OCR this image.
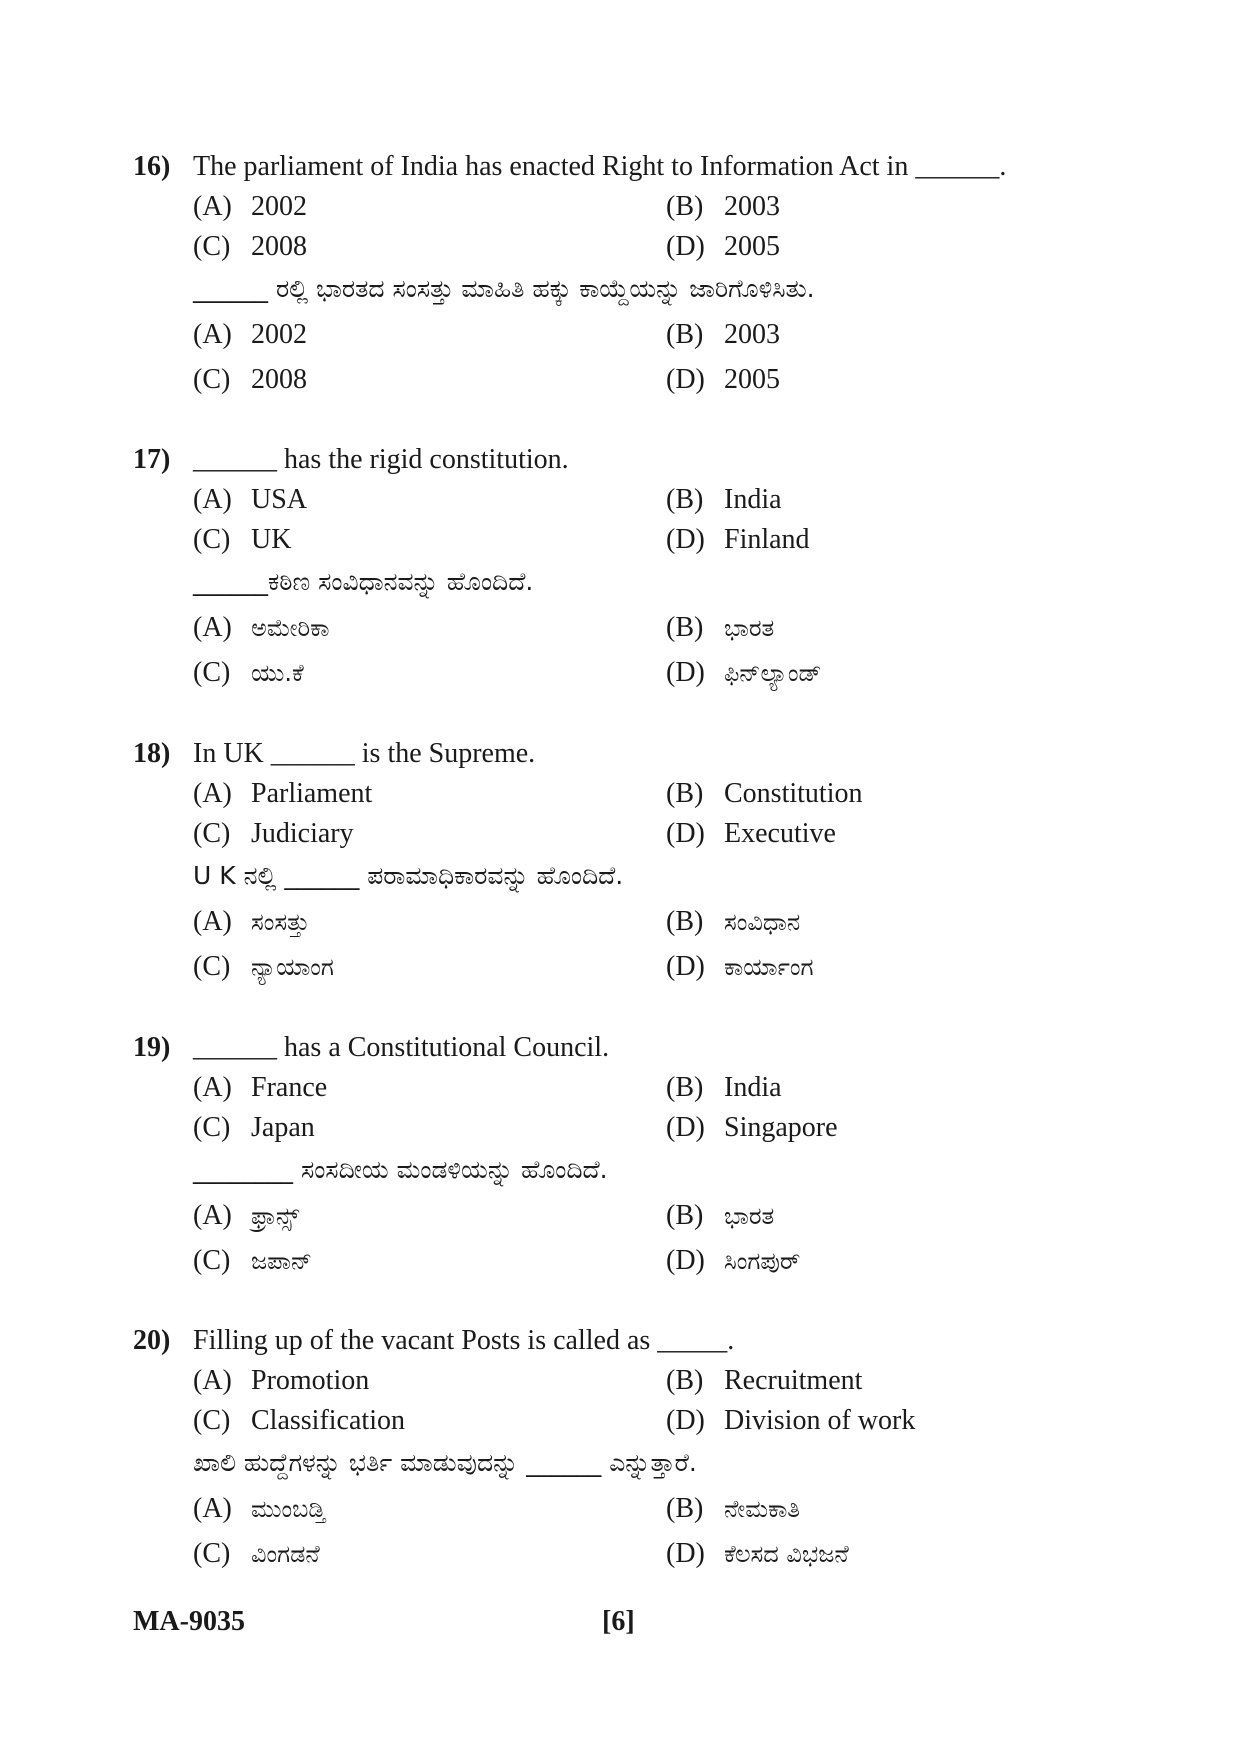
16) The parliament of India has enacted Right to Information Act in ______.
(A) 2002	(B) 2003
(C) 2008	(D) 2005
______ ರಲ್ಲಿ ಭಾರತದ ಸಂಸತ್ತು ಮಾಹಿತಿ ಹಕ್ಕು ಕಾಯ್ದೆಯನ್ನು ಜಾರಿಗೊಳಿಸಿತು.
(A) 2002	(B) 2003
(C) 2008	(D) 2005
17) ______ has the rigid constitution.
(A) USA	(B) India
(C) UK	(D) Finland
______ಕಠಿಣ ಸಂವಿಧಾನವನ್ನು ಹೊಂದಿದೆ.
(A) ಅಮೇರಿಕಾ	(B) ಭಾರತ
(C) ಯು.ಕೆ	(D) ಫಿನ್‌ಲ್ಯಾಂಡ್
18) In UK ______ is the Supreme.
(A) Parliament	(B) Constitution
(C) Judiciary	(D) Executive
U K ನಲ್ಲಿ ______ ಪರಾಮಾಧಿಕಾರವನ್ನು ಹೊಂದಿದೆ.
(A) ಸಂಸತ್ತು	(B) ಸಂವಿಧಾನ
(C) ನ್ಯಾಯಾಂಗ	(D) ಕಾರ್ಯಾಂಗ
19) ______ has a Constitutional Council.
(A) France	(B) India
(C) Japan	(D) Singapore
________ ಸಂಸದೀಯ ಮಂಡಳಿಯನ್ನು ಹೊಂದಿದೆ.
(A) ಫ್ರಾನ್ಸ್	(B) ಭಾರತ
(C) ಜಪಾನ್	(D) ಸಿಂಗಪುರ್
20) Filling up of the vacant Posts is called as _____.
(A) Promotion	(B) Recruitment
(C) Classification	(D) Division of work
ಖಾಲಿ ಹುದ್ದೆಗಳನ್ನು ಭರ್ತಿ ಮಾಡುವುದನ್ನು ______ ಎನ್ನುತ್ತಾರೆ.
(A) ಮುಂಬಡ್ತಿ	(B) ನೇಮಕಾತಿ
(C) ವಿಂಗಡನೆ	(D) ಕೆಲಸದ ವಿಭಜನೆ
MA-9035	[6]
